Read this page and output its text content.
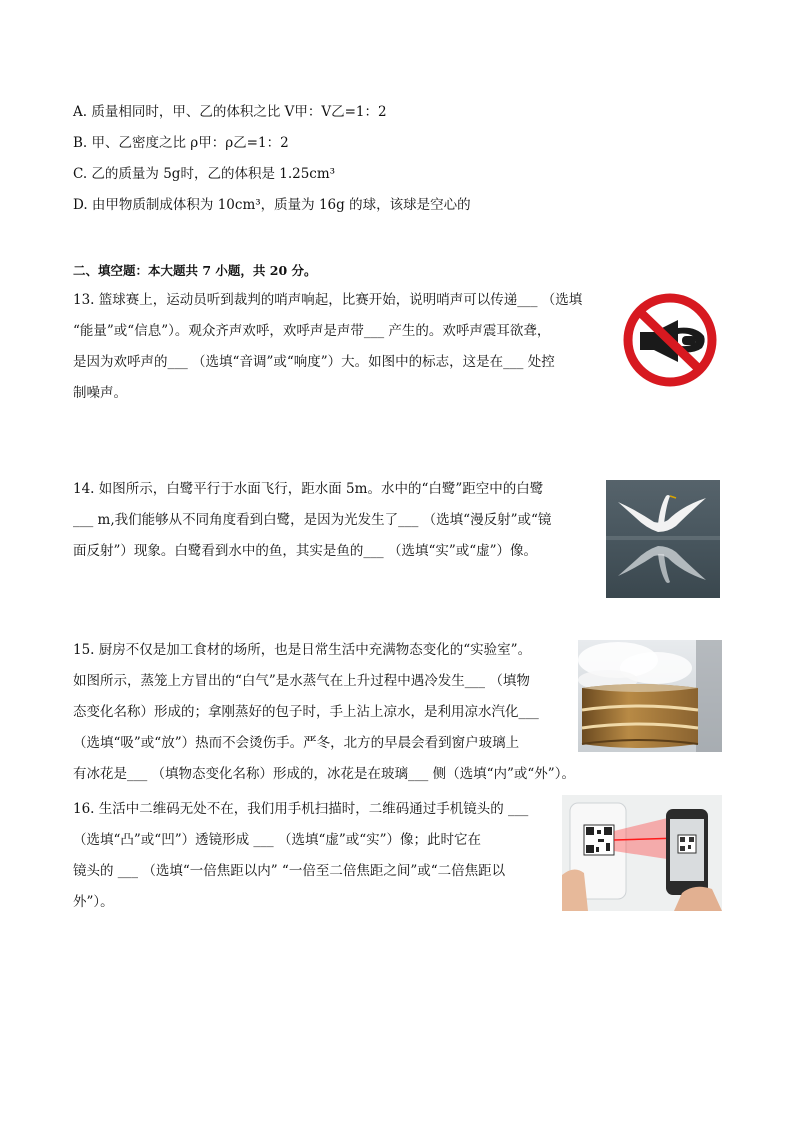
A. 质量相同时，甲、乙的体积之比 V甲：V乙=1：2
B. 甲、乙密度之比 ρ甲：ρ乙=1：2
C. 乙的质量为 5g时，乙的体积是 1.25cm³
D. 由甲物质制成体积为 10cm³，质量为 16g 的球，该球是空心的
二、填空题：本大题共 7 小题，共 20 分。

13. 篮球赛上，运动员听到裁判的哨声响起，比赛开始，说明哨声可以传递___ （选填

“能量”或“信息”）。观众齐声欢呼，欢呼声是声带___ 产生的。欢呼声震耳欲聋，

是因为欢呼声的___ （选填“音调”或“响度”）大。如图中的标志，这是在___ 处控

制噪声。

14. 如图所示，白鹭平行于水面飞行，距水面 5m。水中的“白鹭”距空中的白鹭

___ m,我们能够从不同角度看到白鹭，是因为光发生了___ （选填“漫反射”或“镜

面反射”）现象。白鹭看到水中的鱼，其实是鱼的___ （选填“实”或“虚”）像。

15. 厨房不仅是加工食材的场所，也是日常生活中充满物态变化的“实验室”。

如图所示，蒸笼上方冒出的“白气”是水蒸气在上升过程中遇冷发生___ （填物

态变化名称）形成的；拿刚蒸好的包子时，手上沾上凉水，是利用凉水汽化___

（选填“吸”或“放”）热而不会烫伤手。严冬，北方的早晨会看到窗户玻璃上

有冰花是___ （填物态变化名称）形成的，冰花是在玻璃___ 侧（选填“内”或“外”）。

16. 生活中二维码无处不在，我们用手机扫描时，二维码通过手机镜头的 ___

（选填“凸”或“凹”）透镜形成 ___ （选填“虚”或“实”）像；此时它在

镜头的 ___ （选填“一倍焦距以内” “一倍至二倍焦距之间”或“二倍焦距以

外”）。
